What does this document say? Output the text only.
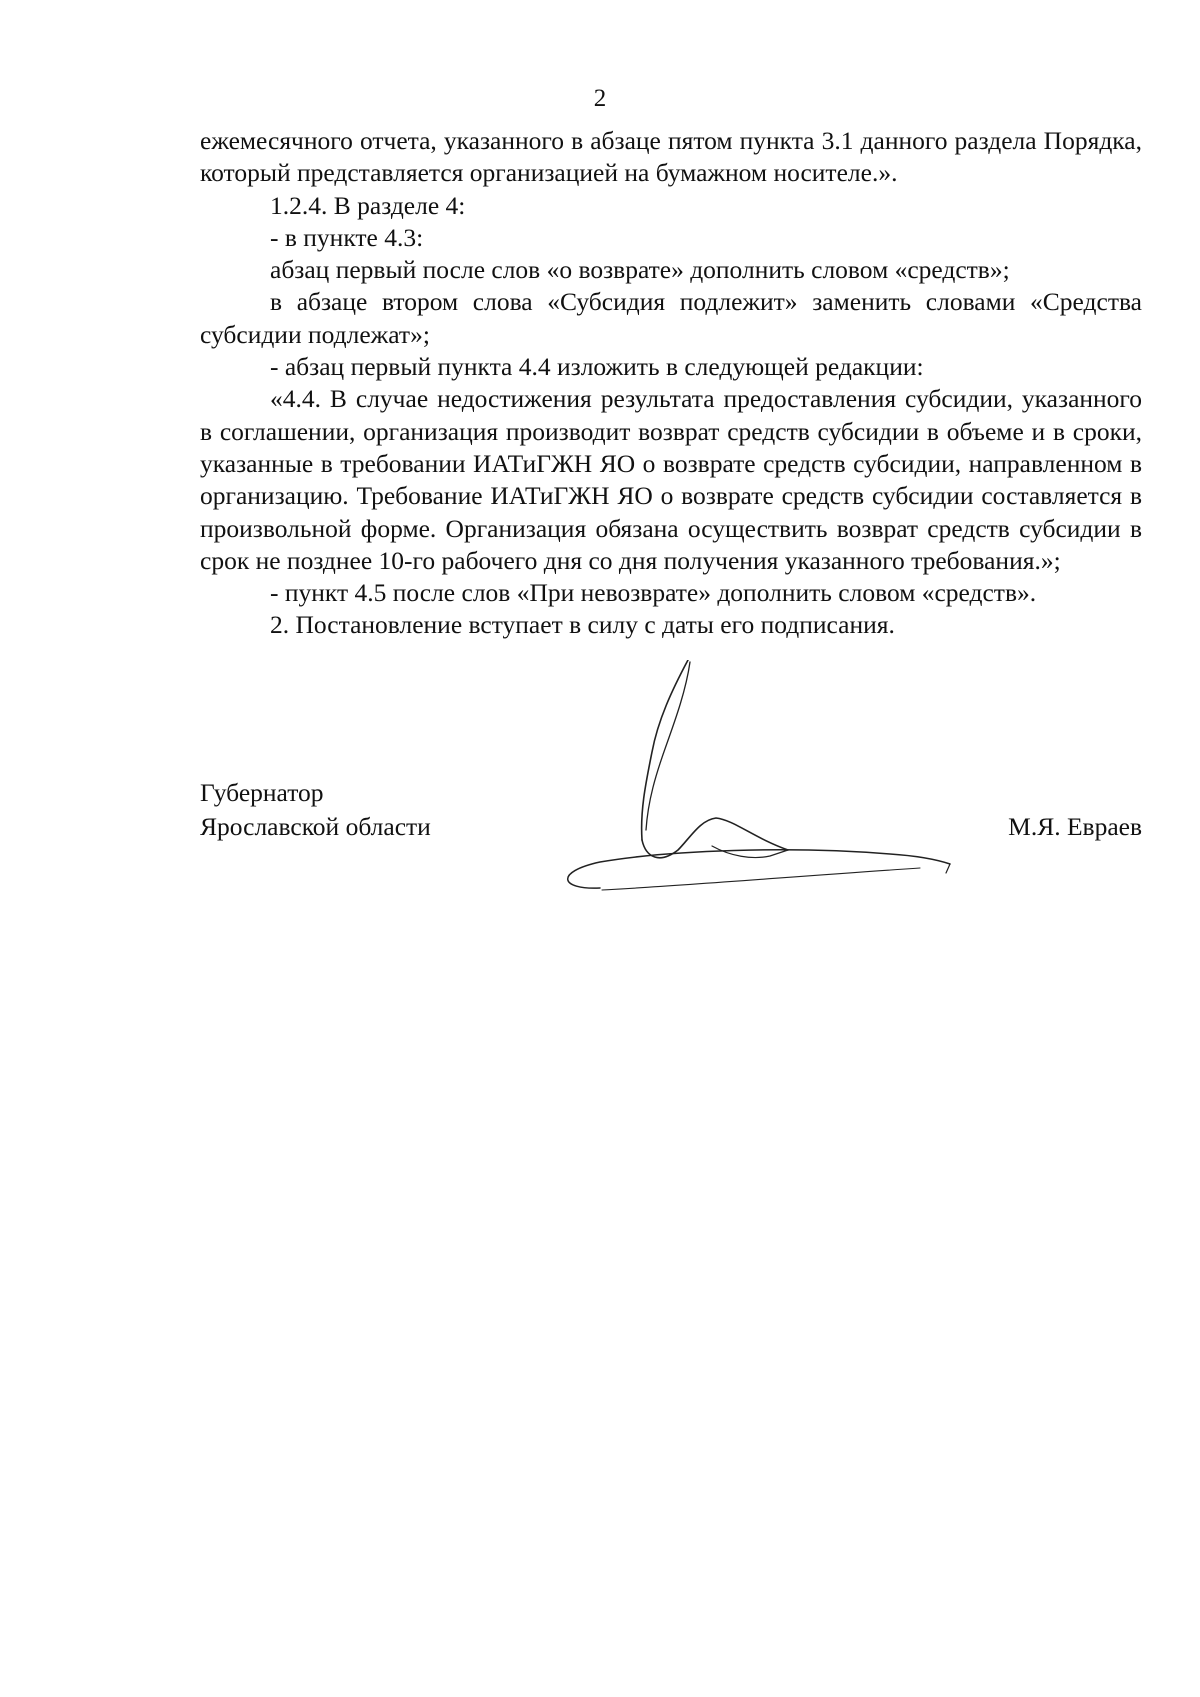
2

ежемесячного отчета, указанного в абзаце пятом пункта 3.1 данного раздела Порядка, который представляется организацией на бумажном носителе.».

1.2.4. В разделе 4:

- в пункте 4.3:

абзац первый после слов «о возврате» дополнить словом «средств»;

в абзаце втором слова «Субсидия подлежит» заменить словами «Средства субсидии подлежат»;

- абзац первый пункта 4.4 изложить в следующей редакции:

«4.4. В случае недостижения результата предоставления субсидии, указанного в соглашении, организация производит возврат средств субсидии в объеме и в сроки, указанные в требовании ИАТиГЖН ЯО о возврате средств субсидии, направленном в организацию. Требование ИАТиГЖН ЯО о возврате средств субсидии составляется в произвольной форме. Организация обязана осуществить возврат средств субсидии в срок не позднее 10-го рабочего дня со дня получения указанного требования.»;

- пункт 4.5 после слов «При невозврате» дополнить словом «средств».

2. Постановление вступает в силу с даты его подписания.

Губернатор
Ярославской области	М.Я. Евраев
